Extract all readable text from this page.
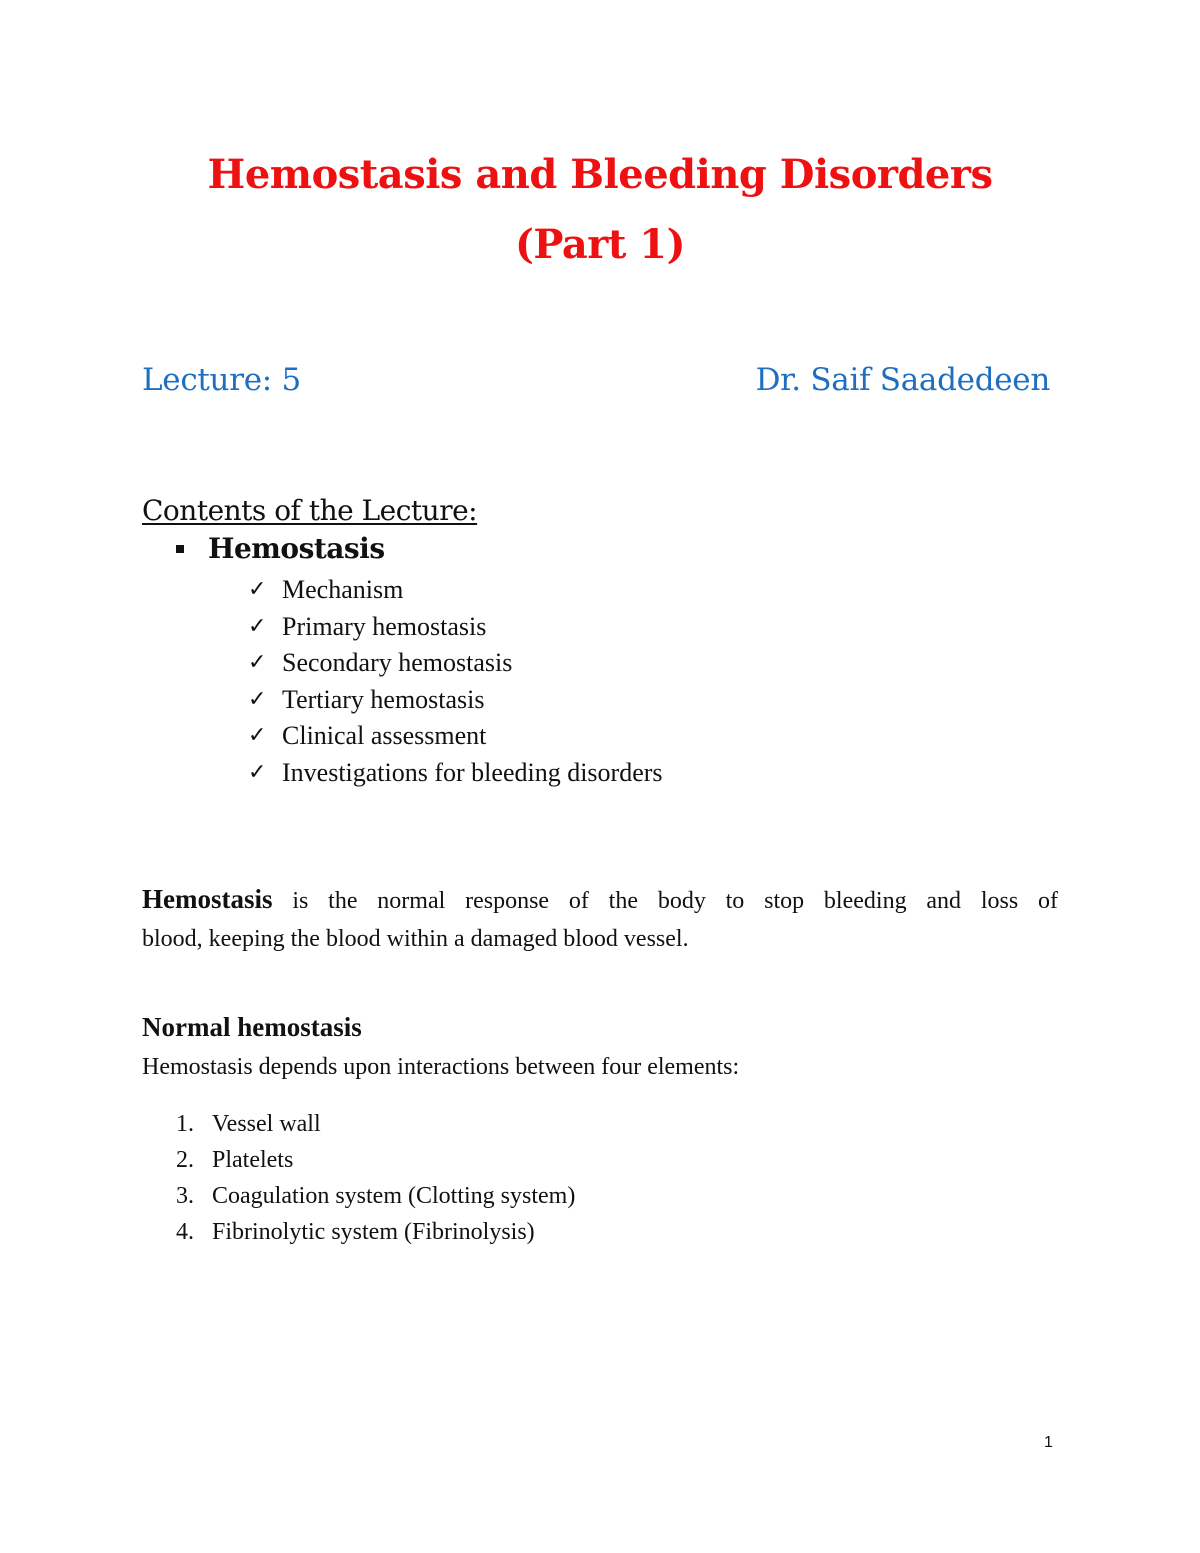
Hemostasis and Bleeding Disorders
(Part 1)
Lecture: 5	Dr. Saif Saadedeen
Contents of the Lecture:
Hemostasis
✓ Mechanism
✓ Primary hemostasis
✓ Secondary hemostasis
✓ Tertiary hemostasis
✓ Clinical assessment
✓ Investigations for bleeding disorders
Hemostasis is the normal response of the body to stop bleeding and loss of
blood, keeping the blood within a damaged blood vessel.
Normal hemostasis
Hemostasis depends upon interactions between four elements:
1. Vessel wall
2. Platelets
3. Coagulation system (Clotting system)
4. Fibrinolytic system (Fibrinolysis)
1
